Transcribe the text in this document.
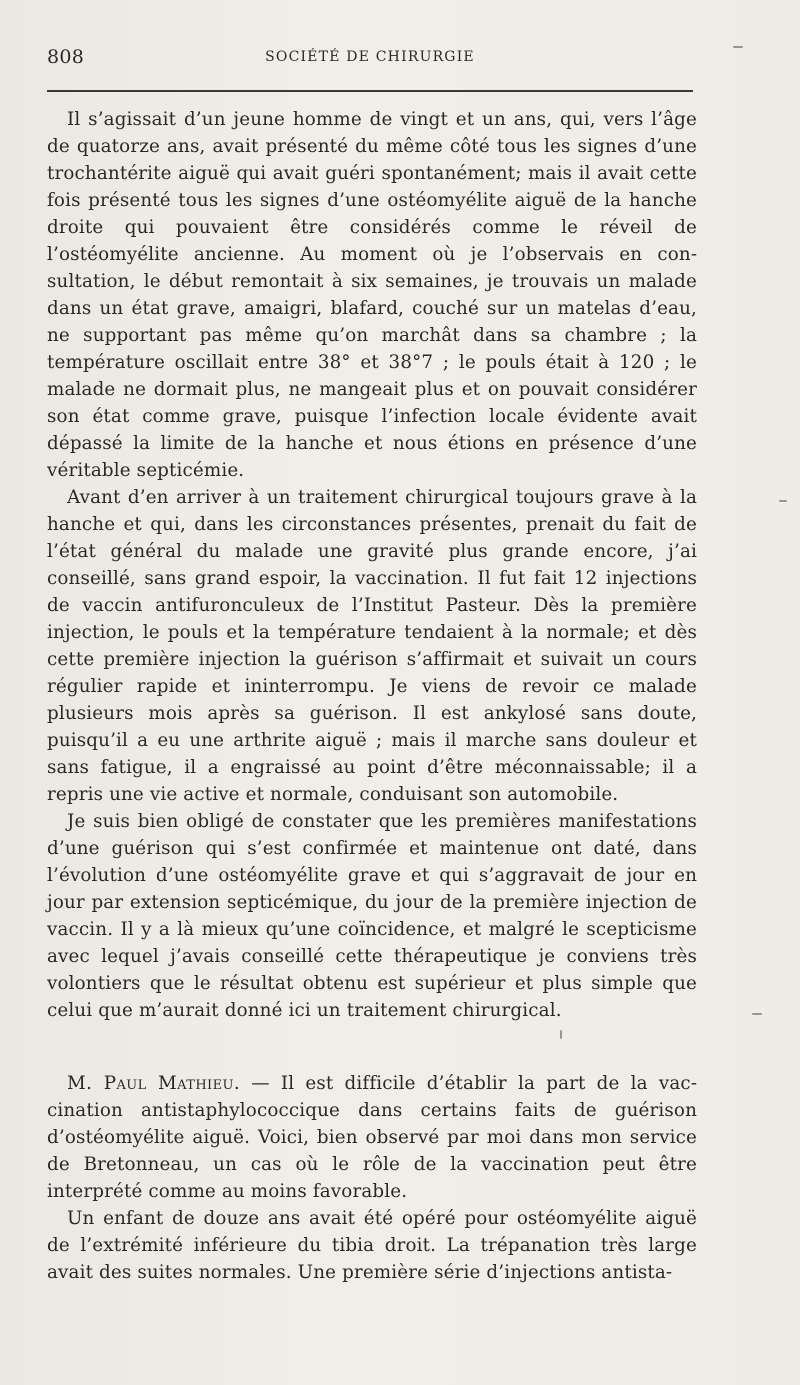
808	SOCIÉTÉ DE CHIRURGIE

Il s’agissait d’un jeune homme de vingt et un ans, qui, vers l’âge de quatorze ans, avait présenté du même côté tous les signes d’une trochantérite aiguë qui avait guéri spontanément; mais il avait cette fois présenté tous les signes d’une ostéomyélite aiguë de la hanche droite qui pouvaient être considérés comme le réveil de l’ostéomyélite ancienne. Au moment où je l’observais en consultation, le début remontait à six semaines, je trouvais un malade dans un état grave, amaigri, blafard, couché sur un matelas d’eau, ne supportant pas même qu’on marchât dans sa chambre ; la température oscillait entre 38° et 38°7 ; le pouls était à 120 ; le malade ne dormait plus, ne mangeait plus et on pouvait considérer son état comme grave, puisque l’infection locale évidente avait dépassé la limite de la hanche et nous étions en présence d’une véritable septicémie.

Avant d’en arriver à un traitement chirurgical toujours grave à la hanche et qui, dans les circonstances présentes, prenait du fait de l’état général du malade une gravité plus grande encore, j’ai conseillé, sans grand espoir, la vaccination. Il fut fait 12 injections de vaccin antifuronculeux de l’Institut Pasteur. Dès la première injection, le pouls et la température tendaient à la normale; et dès cette première injection la guérison s’affirmait et suivait un cours régulier rapide et ininterrompu. Je viens de revoir ce malade plusieurs mois après sa guérison. Il est ankylosé sans doute, puisqu’il a eu une arthrite aiguë ; mais il marche sans douleur et sans fatigue, il a engraissé au point d’être méconnaissable; il a repris une vie active et normale, conduisant son automobile.

Je suis bien obligé de constater que les premières manifestations d’une guérison qui s’est confirmée et maintenue ont daté, dans l’évolution d’une ostéomyélite grave et qui s’aggravait de jour en jour par extension septicémique, du jour de la première injection de vaccin. Il y a là mieux qu’une coïncidence, et malgré le scepticisme avec lequel j’avais conseillé cette thérapeutique je conviens très volontiers que le résultat obtenu est supérieur et plus simple que celui que m’aurait donné ici un traitement chirurgical.

M. Paul Mathieu. — Il est difficile d’établir la part de la vaccination antistaphylococcique dans certains faits de guérison d’ostéomyélite aiguë. Voici, bien observé par moi dans mon service de Bretonneau, un cas où le rôle de la vaccination peut être interprété comme au moins favorable.

Un enfant de douze ans avait été opéré pour ostéomyélite aiguë de l’extrémité inférieure du tibia droit. La trépanation très large avait des suites normales. Une première série d’injections antista-
